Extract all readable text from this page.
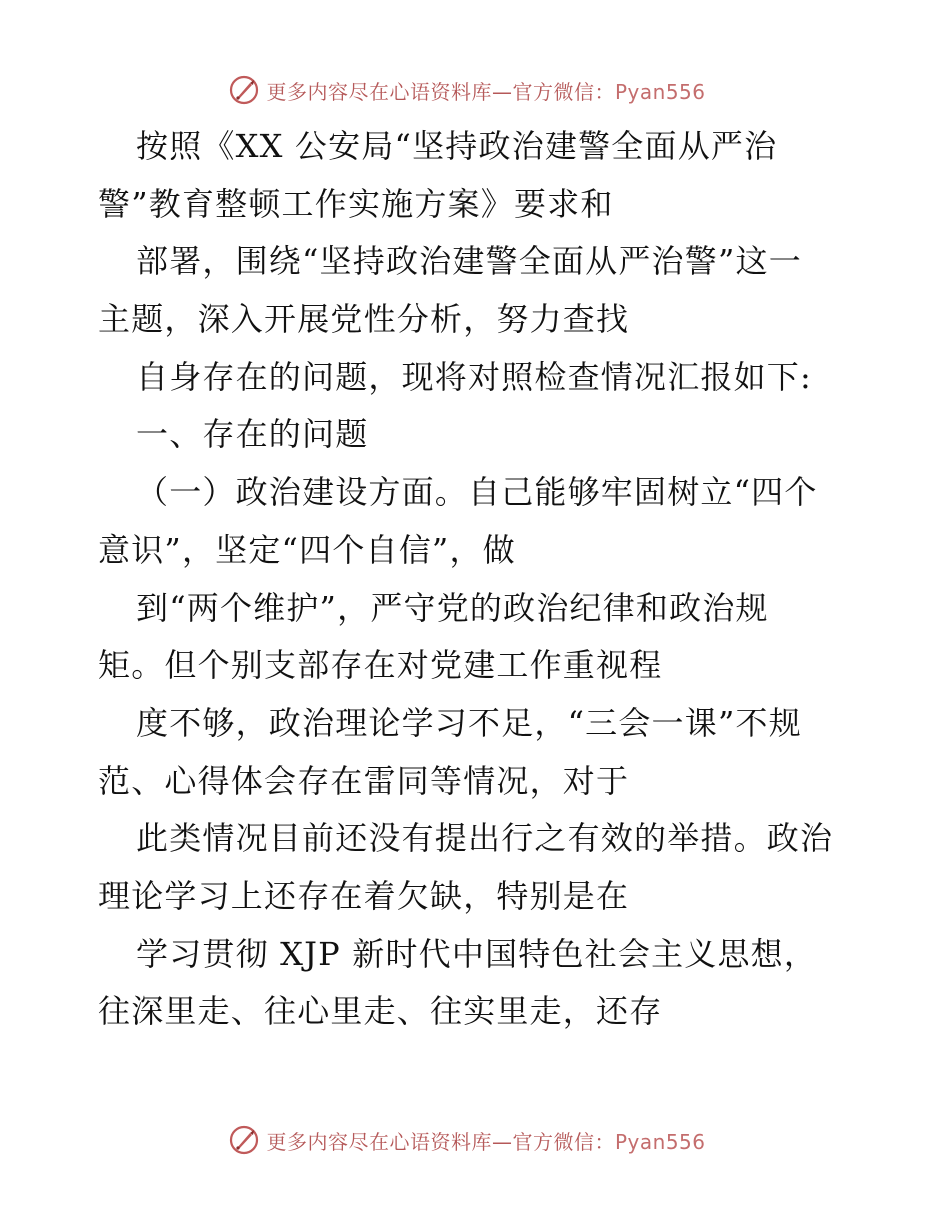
更多内容尽在心语资料库—官方微信：Pyan556
按照《XX 公安局“坚持政治建警全面从严治
警”教育整顿工作实施方案》要求和
部署，围绕“坚持政治建警全面从严治警”这一
主题，深入开展党性分析，努力查找
自身存在的问题，现将对照检查情况汇报如下:
一、存在的问题
（一）政治建设方面。自己能够牢固树立“四个
意识”，坚定“四个自信”，做
到“两个维护”，严守党的政治纪律和政治规
矩。但个别支部存在对党建工作重视程
度不够，政治理论学习不足，“三会一课”不规
范、心得体会存在雷同等情况，对于
此类情况目前还没有提出行之有效的举措。政治
理论学习上还存在着欠缺，特别是在
学习贯彻 XJP 新时代中国特色社会主义思想，
往深里走、往心里走、往实里走，还存
更多内容尽在心语资料库—官方微信：Pyan556
